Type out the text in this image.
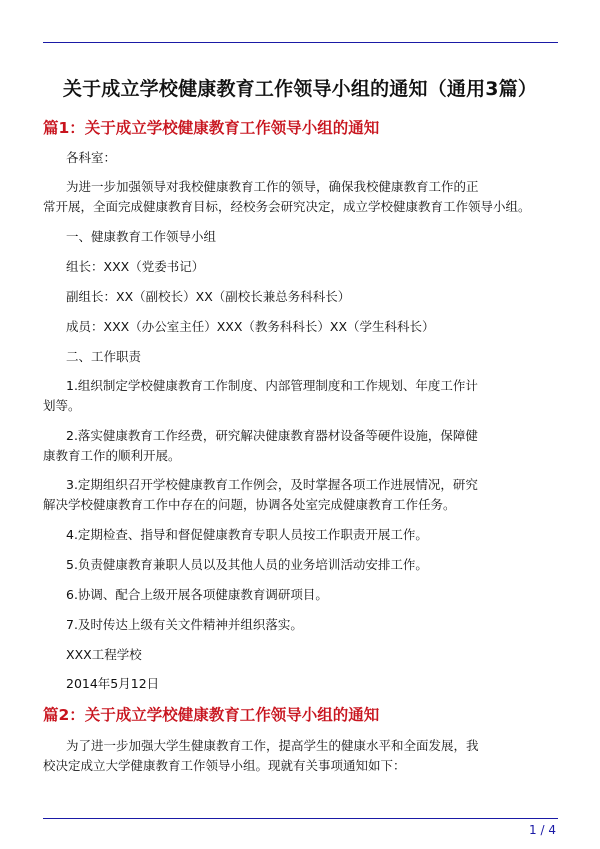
关于成立学校健康教育工作领导小组的通知（通用3篇）
篇1：关于成立学校健康教育工作领导小组的通知
各科室：
为进一步加强领导对我校健康教育工作的领导，确保我校健康教育工作的正
常开展，全面完成健康教育目标，经校务会研究决定，成立学校健康教育工作领导小组。
一、健康教育工作领导小组
组长：XXX（党委书记）
副组长：XX（副校长）XX（副校长兼总务科科长）
成员：XXX（办公室主任）XXX（教务科科长）XX（学生科科长）
二、工作职责
1.组织制定学校健康教育工作制度、内部管理制度和工作规划、年度工作计
划等。
2.落实健康教育工作经费，研究解决健康教育器材设备等硬件设施，保障健
康教育工作的顺利开展。
3.定期组织召开学校健康教育工作例会，及时掌握各项工作进展情况，研究
解决学校健康教育工作中存在的问题，协调各处室完成健康教育工作任务。
4.定期检查、指导和督促健康教育专职人员按工作职责开展工作。
5.负责健康教育兼职人员以及其他人员的业务培训活动安排工作。
6.协调、配合上级开展各项健康教育调研项目。
7.及时传达上级有关文件精神并组织落实。
XXX工程学校
2014年5月12日
篇2：关于成立学校健康教育工作领导小组的通知
为了进一步加强大学生健康教育工作，提高学生的健康水平和全面发展，我
校决定成立大学健康教育工作领导小组。现就有关事项通知如下：
1 / 4
